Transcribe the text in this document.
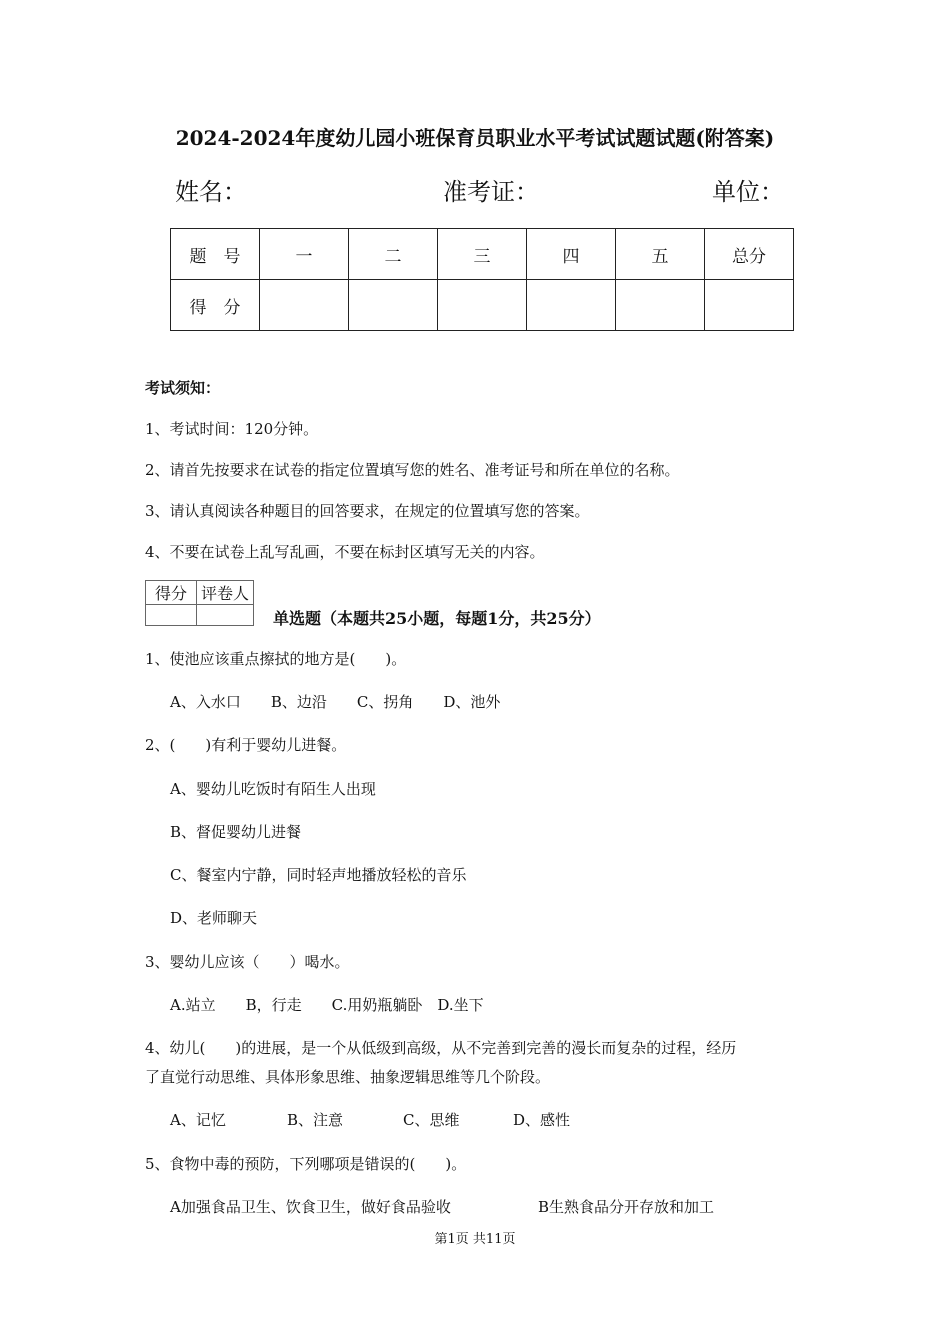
2024-2024年度幼儿园小班保育员职业水平考试试题试题(附答案)
姓名：	准考证：	单位：
题　号	一	二	三	四	五	总分
得　分						
考试须知：
1、考试时间：120分钟。
2、请首先按要求在试卷的指定位置填写您的姓名、准考证号和所在单位的名称。
3、请认真阅读各种题目的回答要求，在规定的位置填写您的答案。
4、不要在试卷上乱写乱画，不要在标封区填写无关的内容。
得分	评卷人

单选题（本题共25小题，每题1分，共25分）
1、使池应该重点擦拭的地方是(　　)。
A、入水口　　B、边沿　　C、拐角　　D、池外
2、(　　)有利于婴幼儿进餐。
A、婴幼儿吃饭时有陌生人出现
B、督促婴幼儿进餐
C、餐室内宁静，同时轻声地播放轻松的音乐
D、老师聊天
3、婴幼儿应该（　　）喝水。
A.站立　　B，行走　　C.用奶瓶躺卧　D.坐下
4、幼儿(　　)的进展，是一个从低级到高级，从不完善到完善的漫长而复杂的过程，经历
了直觉行动思维、具体形象思维、抽象逻辑思维等几个阶段。
A、记忆	B、注意	C、思维	D、感性
5、食物中毒的预防，下列哪项是错误的(　　)。
A加强食品卫生、饮食卫生，做好食品验收	B生熟食品分开存放和加工
第1页 共11页
